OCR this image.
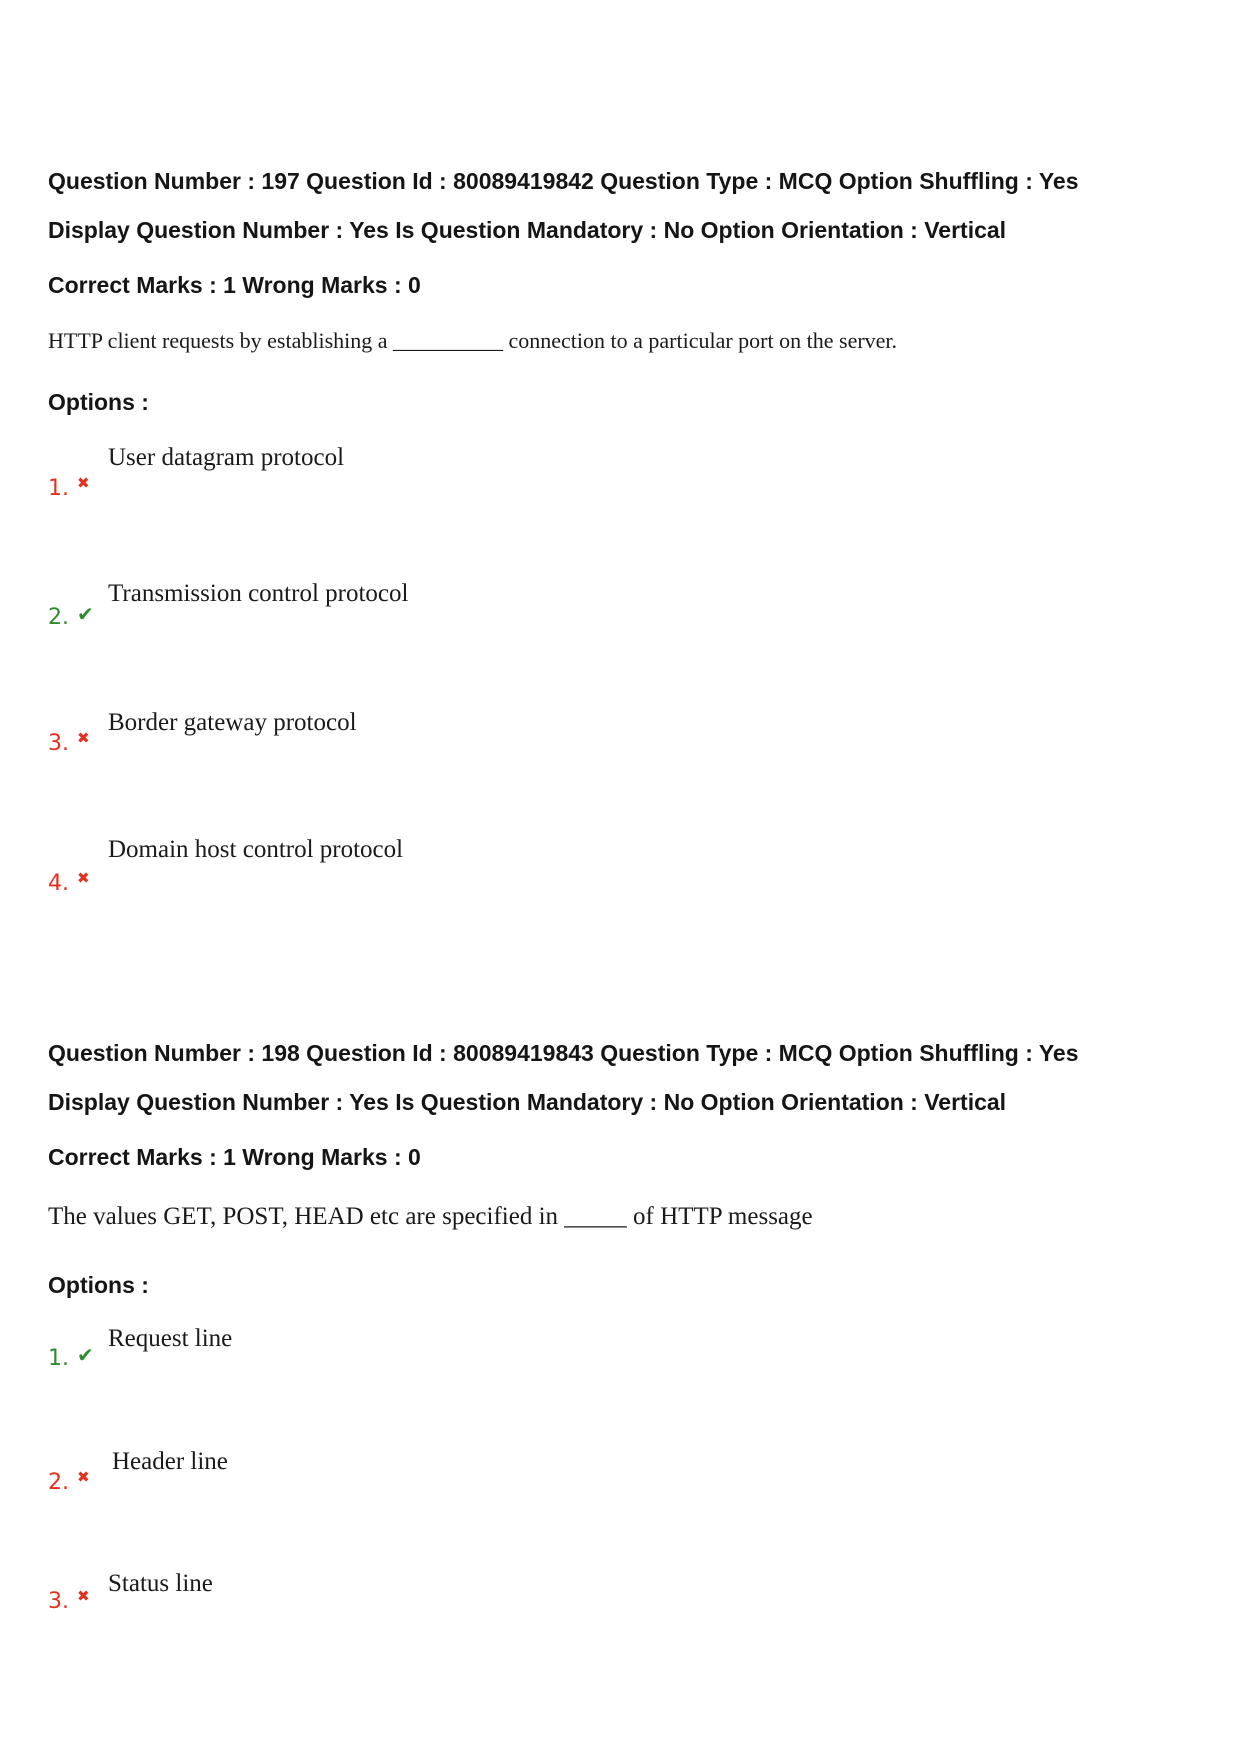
Question Number : 197 Question Id : 80089419842 Question Type : MCQ Option Shuffling : Yes
Display Question Number : Yes Is Question Mandatory : No Option Orientation : Vertical
Correct Marks : 1 Wrong Marks : 0
HTTP client requests by establishing a __________ connection to a particular port on the server.
Options :
User datagram protocol
1. ✖
Transmission control protocol
2. ✔
Border gateway protocol
3. ✖
Domain host control protocol
4. ✖
Question Number : 198 Question Id : 80089419843 Question Type : MCQ Option Shuffling : Yes
Display Question Number : Yes Is Question Mandatory : No Option Orientation : Vertical
Correct Marks : 1 Wrong Marks : 0
The values GET, POST, HEAD etc are specified in _____ of HTTP message
Options :
Request line
1. ✔
Header line
2. ✖
Status line
3. ✖
